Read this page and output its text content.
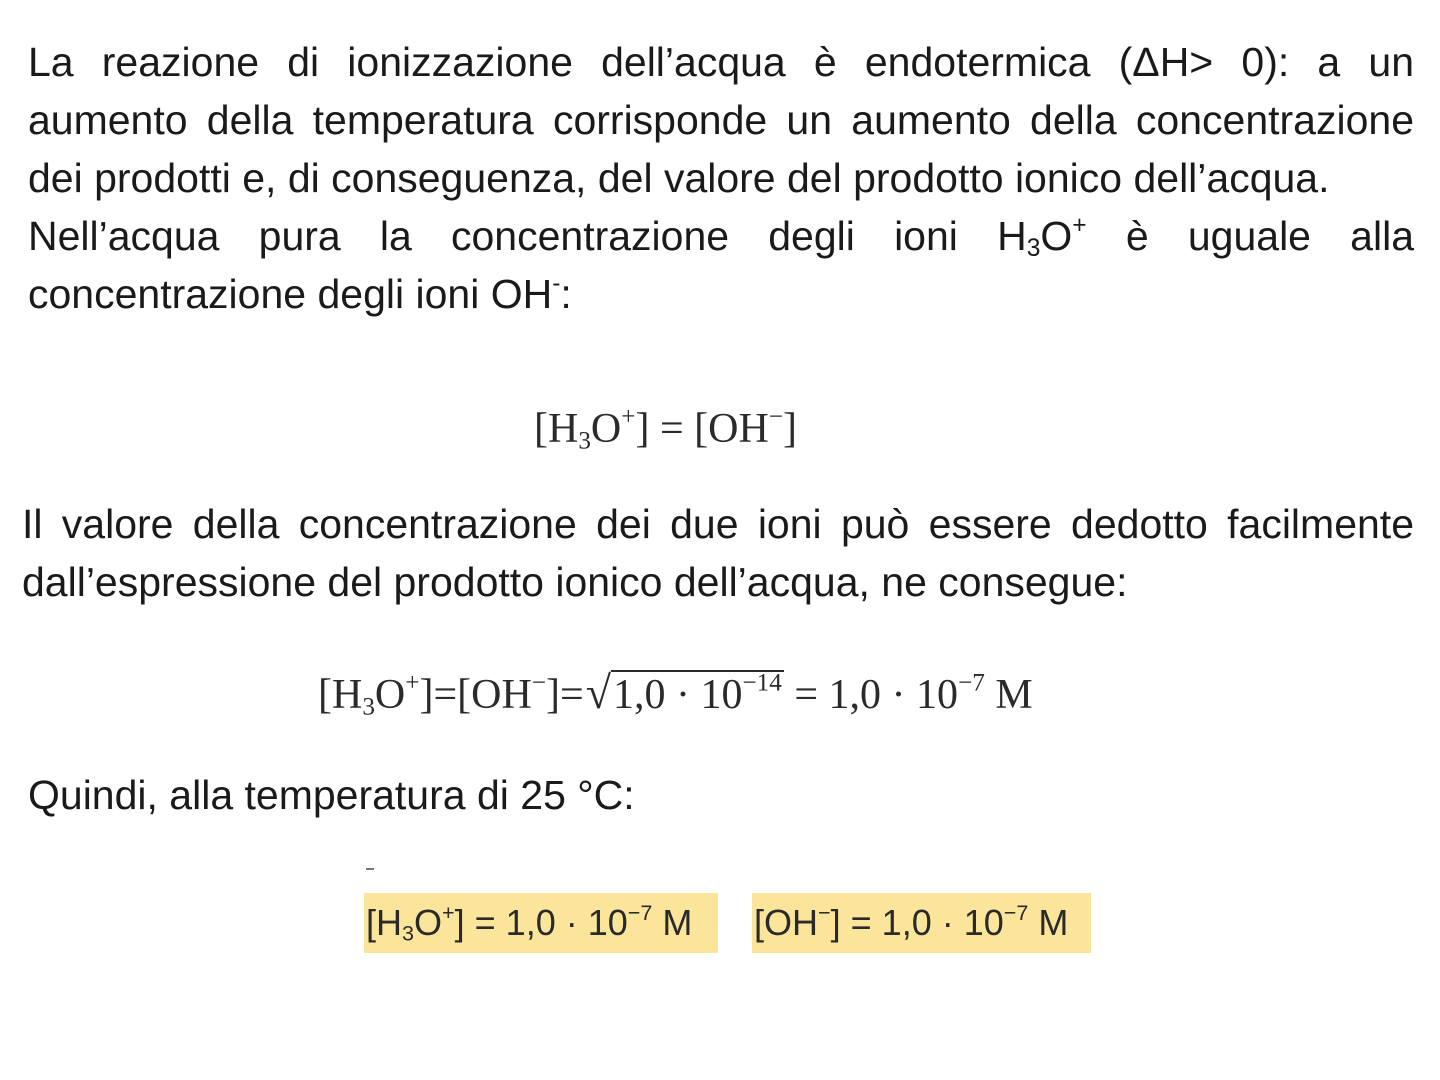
La reazione di ionizzazione dell’acqua è endotermica (ΔH> 0): a un aumento della temperatura corrisponde un aumento della concentrazione dei prodotti e, di conseguenza, del valore del prodotto ionico dell’acqua.
Nell’acqua pura la concentrazione degli ioni $H_3O^+$ è uguale alla concentrazione degli ioni OH-:
$[H_3O^+] = [OH^-]$
Il valore della concentrazione dei due ioni può essere dedotto facilmente dall’espressione del prodotto ionico dell’acqua, ne consegue:
$[H_3O^+]=[OH^-]=√1,0 \cdot 10^{-14} = 1,0 \cdot 10^{-7}$ M
Quindi, alla temperatura di 25 °C:
$[H_3O^+] = 1,0 \cdot 10^{-7}$ M	$[OH^-] = 1,0 \cdot 10^{-7}$ M
